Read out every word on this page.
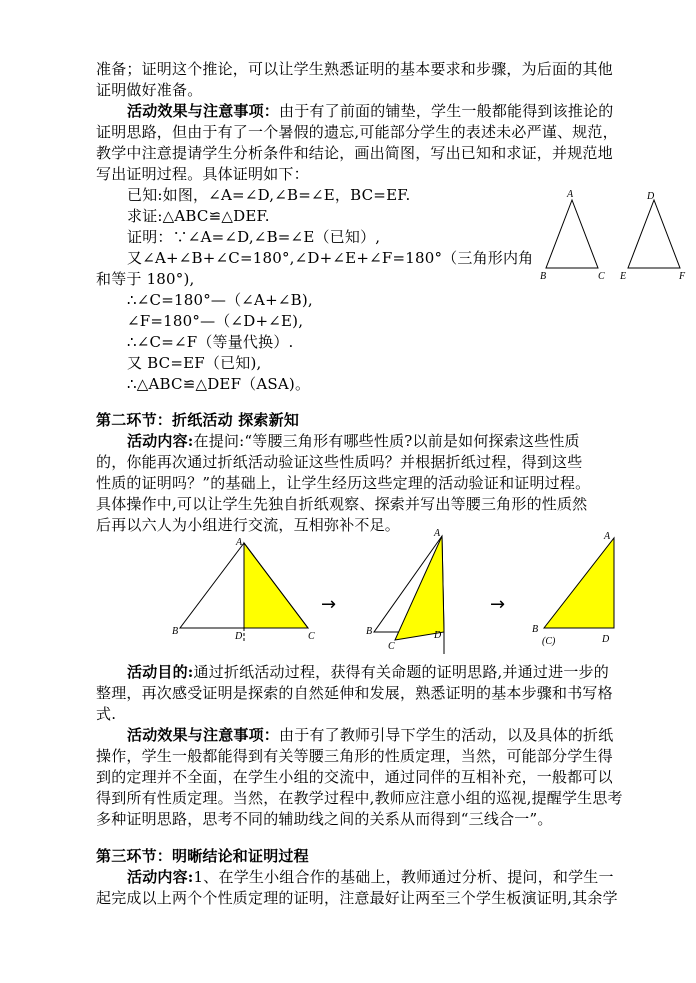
准备；证明这个推论，可以让学生熟悉证明的基本要求和步骤，为后面的其他
证明做好准备。
活动效果与注意事项：由于有了前面的铺垫，学生一般都能得到该推论的
证明思路，但由于有了一个暑假的遗忘,可能部分学生的表述未必严谨、规范，
教学中注意提请学生分析条件和结论，画出简图，写出已知和求证，并规范地
写出证明过程。具体证明如下：
已知:如图，∠A=∠D,∠B=∠E，BC=EF.
求证:△ABC≌△DEF.
证明：∵∠A=∠D,∠B=∠E（已知）,
又∠A+∠B+∠C=180°,∠D+∠E+∠F=180°（三角形内角
和等于 180°),
∴∠C=180°—（∠A+∠B),
∠F=180°—（∠D+∠E),
∴∠C=∠F（等量代换）.
又 BC=EF（已知),
∴△ABC≌△DEF（ASA)。
A
B	C
D
E	F
第二环节：折纸活动 探索新知
活动内容:在提问:“等腰三角形有哪些性质?以前是如何探索这些性质
的，你能再次通过折纸活动验证这些性质吗？并根据折纸过程，得到这些
性质的证明吗？”的基础上，让学生经历这些定理的活动验证和证明过程。
具体操作中,可以让学生先独自折纸观察、探索并写出等腰三角形的性质然
后再以六人为小组进行交流，互相弥补不足。
A
B	D	C
→
A
B	D
C
→
A
B
D
(C)
活动目的:通过折纸活动过程，获得有关命题的证明思路,并通过进一步的
整理，再次感受证明是探索的自然延伸和发展，熟悉证明的基本步骤和书写格
式.
活动效果与注意事项：由于有了教师引导下学生的活动，以及具体的折纸
操作，学生一般都能得到有关等腰三角形的性质定理，当然，可能部分学生得
到的定理并不全面，在学生小组的交流中，通过同伴的互相补充，一般都可以
得到所有性质定理。当然，在教学过程中,教师应注意小组的巡视,提醒学生思考
多种证明思路，思考不同的辅助线之间的关系从而得到“三线合一”。
第三环节：明晰结论和证明过程
活动内容:1、在学生小组合作的基础上，教师通过分析、提问，和学生一
起完成以上两个个性质定理的证明，注意最好让两至三个学生板演证明,其余学
